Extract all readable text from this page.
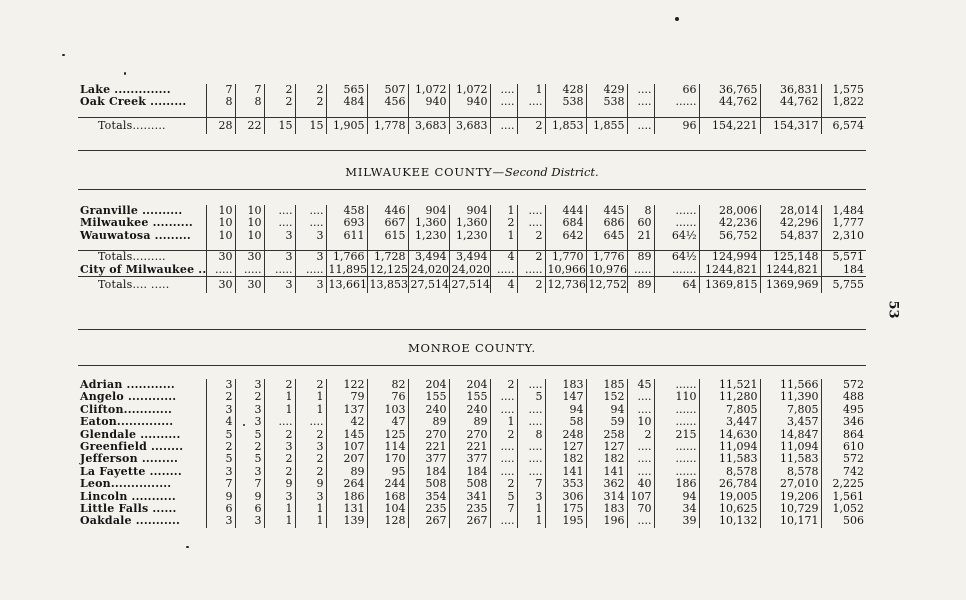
Lake ..............	7	7	2	2	565	507	1,072	1,072	....	1	428	429	....	66	36,765	36,831	1,575
Oak Creek .........	8	8	2	2	484	456	940	940	....	....	538	538	....	......	44,762	44,762	1,822

Totals.........	28	22	15	15	1,905	1,778	3,683	3,683	....	2	1,853	1,855	....	96	154,221	154,317	6,574
MILWAUKEE COUNTY—Second District.
Granville ..........	10	10	....	....	458	446	904	904	1	....	444	445	8	......	28,006	28,014	1,484
Milwaukee ..........	10	10	....	....	693	667	1,360	1,360	2	....	684	686	60	......	42,236	42,296	1,777
Wauwatosa .........	10	10	3	3	611	615	1,230	1,230	1	2	642	645	21	64½	56,752	54,837	2,310

Totals.........	30	30	3	3	1,766	1,728	3,494	3,494	4	2	1,770	1,776	89	64½	124,994	125,148	5,571
City of Milwaukee ..	.....	.....	.....	.....	11,895	12,125	24,020	24,020	.....	.....	10,966	10,976	.....	.......	1244,821	1244,821	184
Totals.... .....	30	30	3	3	13,661	13,853	27,514	27,514	4	2	12,736	12,752	89	64	1369,815	1369,969	5,755
MONROE COUNTY.
Adrian ............	3	3	2	2	122	82	204	204	2	....	183	185	45	......	11,521	11,566	572
Angelo ............	2	2	1	1	79	76	155	155	....	5	147	152	....	110	11,280	11,390	488
Clifton............	3	3	1	1	137	103	240	240	....	....	94	94	....	......	7,805	7,805	495
Eaton..............	4	3	....	....	42	47	89	89	1	....	58	59	10	......	3,447	3,457	346
Glendale ..........	5	5	2	2	145	125	270	270	2	8	248	258	2	215	14,630	14,847	864
Greenfield ........	2	2	3	3	107	114	221	221	....	....	127	127	....	......	11,094	11,094	610
Jefferson .........	5	5	2	2	207	170	377	377	....	....	182	182	....	......	11,583	11,583	572
La Fayette ........	3	3	2	2	89	95	184	184	....	....	141	141	....	......	8,578	8,578	742
Leon...............	7	7	9	9	264	244	508	508	2	7	353	362	40	186	26,784	27,010	2,225
Lincoln ...........	9	9	3	3	186	168	354	341	5	3	306	314	107	94	19,005	19,206	1,561
Little Falls ......	6	6	1	1	131	104	235	235	7	1	175	183	70	34	10,625	10,729	1,052
Oakdale ...........	3	3	1	1	139	128	267	267	....	1	195	196	....	39	10,132	10,171	506
53
